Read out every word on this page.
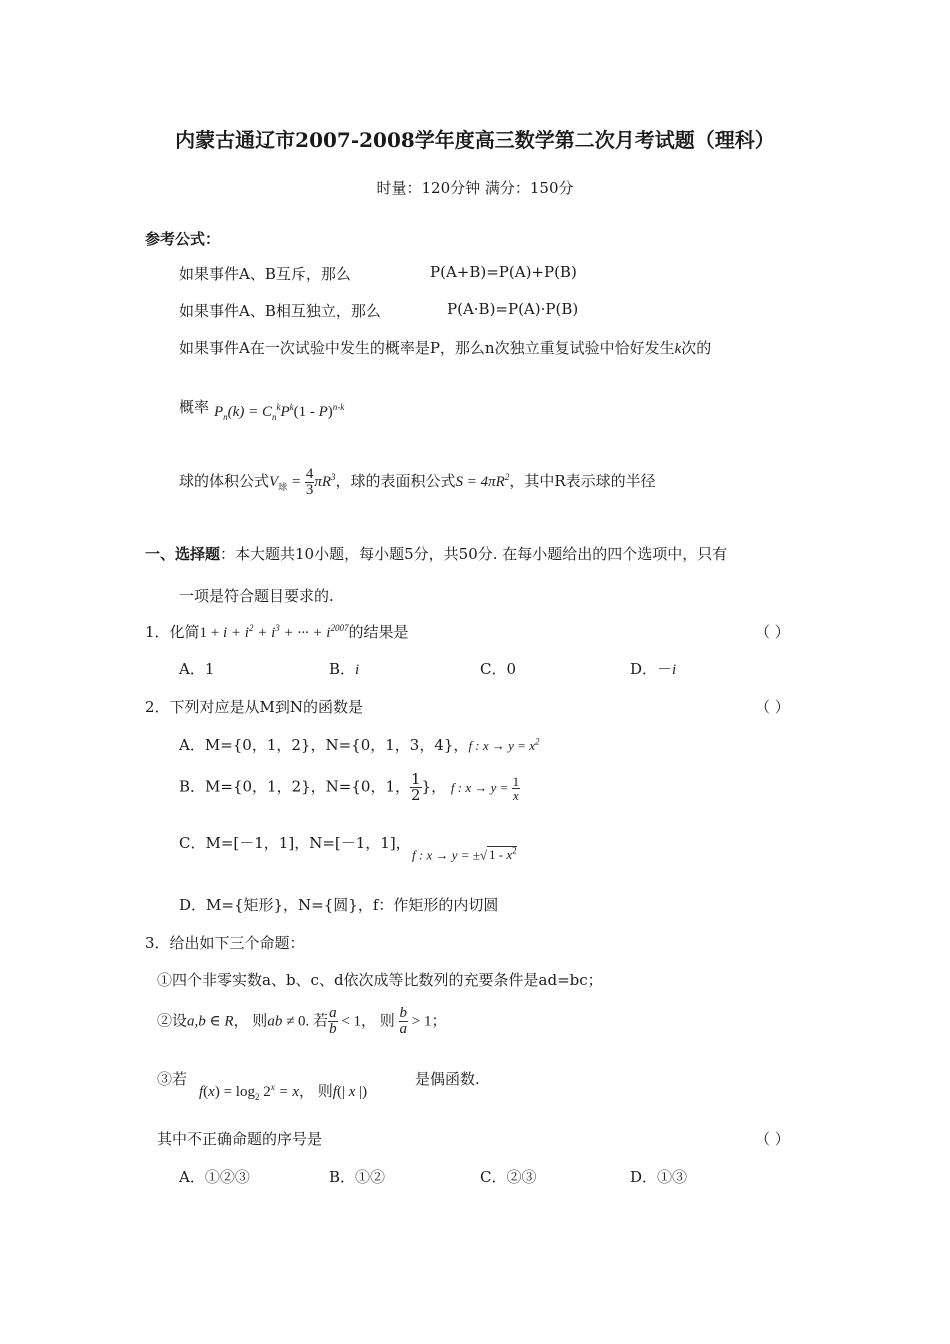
内蒙古通辽市2007-2008学年度高三数学第二次月考试题（理科）
时量：120分钟 满分：150分
参考公式：
如果事件A、B互斥，那么	P(A+B)=P(A)+P(B)
如果事件A、B相互独立，那么	P(A·B)=P(A)·P(B)
如果事件A在一次试验中发生的概率是P，那么n次独立重复试验中恰好发生k次的
概率 $P_n(k) = C_n^kP^k(1 - P)^{n-k}$
球的体积公式$V_球 = \frac{4}{3} \pi R^3$，球的表面积公式$S = 4\pi R^2$，其中R表示球的半径
一、选择题：本大题共10小题，每小题5分，共50分. 在每小题给出的四个选项中，只有
一项是符合题目要求的.
1．化简$1 + i + i^2 + i^3$ + ··· + $i^{2007}$的结果是	（ ）
A．1	B．i	C．0	D．－i
2．下列对应是从M到N的函数是	（ ）
A．M={0，1，2}，N={0，1，3，4}，f : $x \to y = x^2$
B．M={0，1，2}，N={0，1， $\frac{1}{2}$ }， f : $x \to y = \frac{1}{x}$
C．M=[－1，1]，N=[－1，1]，
f : x → y = ±√ $1 - x^2$
D．M={矩形}，N={圆}，f：作矩形的内切圆
3．给出如下三个命题：
①四个非零实数a、b、c、d依次成等比数列的充要条件是ad=bc；
②设a,b ∈ R， 则ab ≠ 0. 若 $\frac{a}{b} < 1$， 则 $\frac{b}{a} > 1$；
③若
$f(x) = \log_2 2^x = x$， 则f(| x |)
是偶函数.
其中不正确命题的序号是	（ ）
A．①②③	B．①②	C．②③	D．①③
